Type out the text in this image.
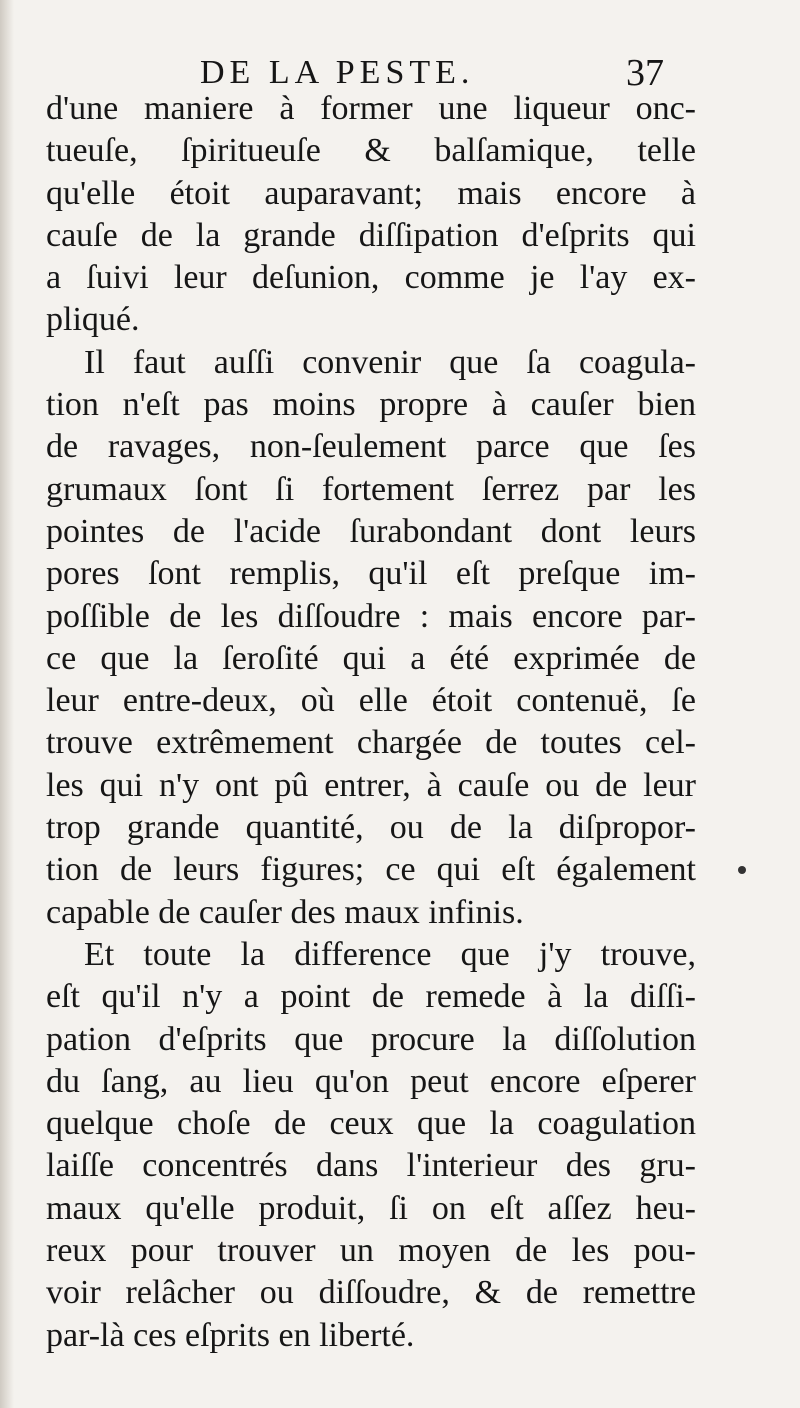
DE LA PESTE.	37
d'une maniere à former une liqueur onc-
tueuſe, ſpiritueuſe & balſamique, telle
qu'elle étoit auparavant; mais encore à
cauſe de la grande diſſipation d'eſprits qui
a ſuivi leur deſunion, comme je l'ay ex-
pliqué.
Il faut auſſi convenir que ſa coagula-
tion n'eſt pas moins propre à cauſer bien
de ravages, non-ſeulement parce que ſes
grumaux ſont ſi fortement ſerrez par les
pointes de l'acide ſurabondant dont leurs
pores ſont remplis, qu'il eſt preſque im-
poſſible de les diſſoudre : mais encore par-
ce que la ſeroſité qui a été exprimée de
leur entre-deux, où elle étoit contenuë, ſe
trouve extrêmement chargée de toutes cel-
les qui n'y ont pû entrer, à cauſe ou de leur
trop grande quantité, ou de la diſpropor-
tion de leurs figures; ce qui eſt également
capable de cauſer des maux infinis.
Et toute la difference que j'y trouve,
eſt qu'il n'y a point de remede à la diſſi-
pation d'eſprits que procure la diſſolution
du ſang, au lieu qu'on peut encore eſperer
quelque choſe de ceux que la coagulation
laiſſe concentrés dans l'interieur des gru-
maux qu'elle produit, ſi on eſt aſſez heu-
reux pour trouver un moyen de les pou-
voir relâcher ou diſſoudre, & de remettre
par-là ces eſprits en liberté.
